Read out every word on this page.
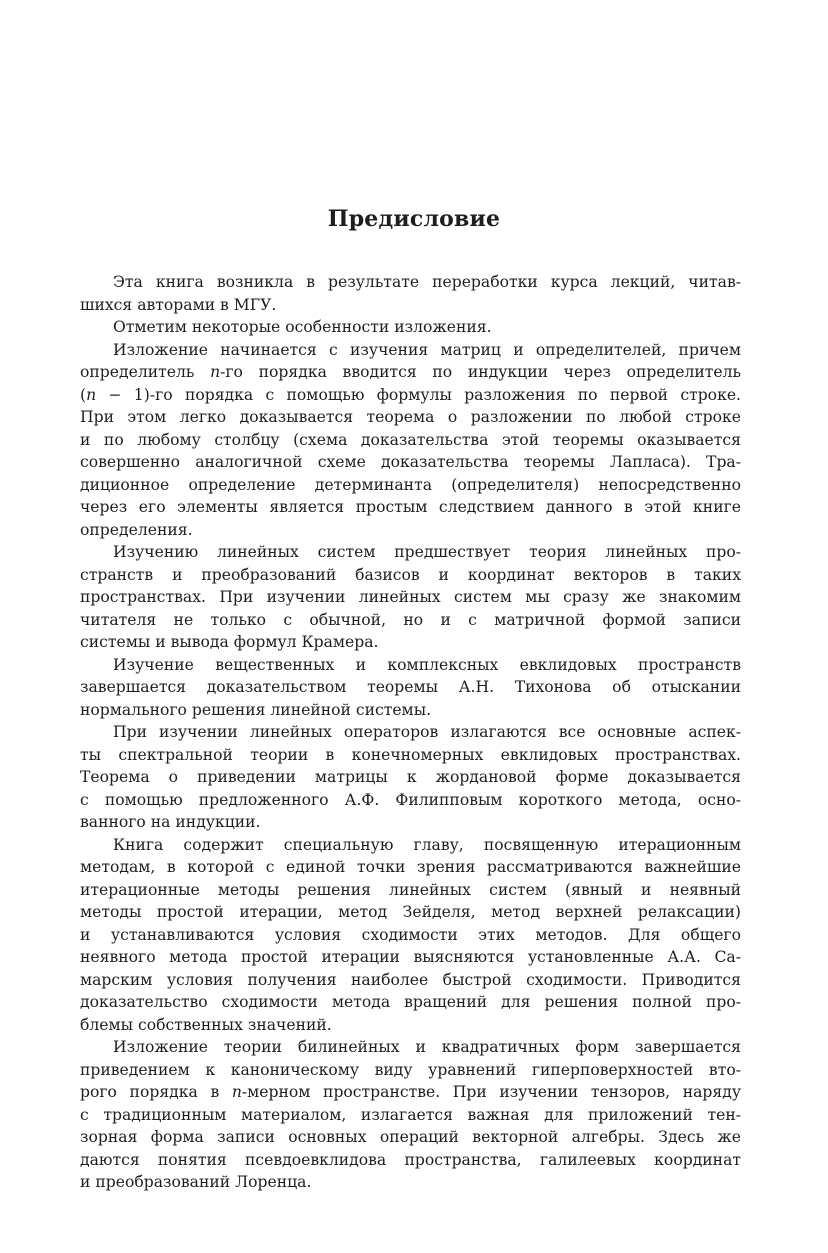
Предисловие
Эта книга возникла в результате переработки курса лекций, читав-
шихся авторами в МГУ.
Отметим некоторые особенности изложения.
Изложение начинается с изучения матриц и определителей, причем
определитель 𝑛-го порядка вводится по индукции через определитель
(𝑛 − 1)-го порядка с помощью формулы разложения по первой строке.
При этом легко доказывается теорема о разложении по любой строке
и по любому столбцу (схема доказательства этой теоремы оказывается
совершенно аналогичной схеме доказательства теоремы Лапласа). Тра-
диционное определение детерминанта (определителя) непосредственно
через его элементы является простым следствием данного в этой книге
определения.
Изучению линейных систем предшествует теория линейных про-
странств и преобразований базисов и координат векторов в таких
пространствах. При изучении линейных систем мы сразу же знакомим
читателя не только с обычной, но и с матричной формой записи
системы и вывода формул Крамера.
Изучение вещественных и комплексных евклидовых пространств
завершается доказательством теоремы А.Н. Тихонова об отыскании
нормального решения линейной системы.
При изучении линейных операторов излагаются все основные аспек-
ты спектральной теории в конечномерных евклидовых пространствах.
Теорема о приведении матрицы к жордановой форме доказывается
с помощью предложенного А.Ф. Филипповым короткого метода, осно-
ванного на индукции.
Книга содержит специальную главу, посвященную итерационным
методам, в которой с единой точки зрения рассматриваются важнейшие
итерационные методы решения линейных систем (явный и неявный
методы простой итерации, метод Зейделя, метод верхней релаксации)
и устанавливаются условия сходимости этих методов. Для общего
неявного метода простой итерации выясняются установленные А.А. Са-
марским условия получения наиболее быстрой сходимости. Приводится
доказательство сходимости метода вращений для решения полной про-
блемы собственных значений.
Изложение теории билинейных и квадратичных форм завершается
приведением к каноническому виду уравнений гиперповерхностей вто-
рого порядка в 𝑛-мерном пространстве. При изучении тензоров, наряду
с традиционным материалом, излагается важная для приложений тен-
зорная форма записи основных операций векторной алгебры. Здесь же
даются понятия псевдоевклидова пространства, галилеевых координат
и преобразований Лоренца.
